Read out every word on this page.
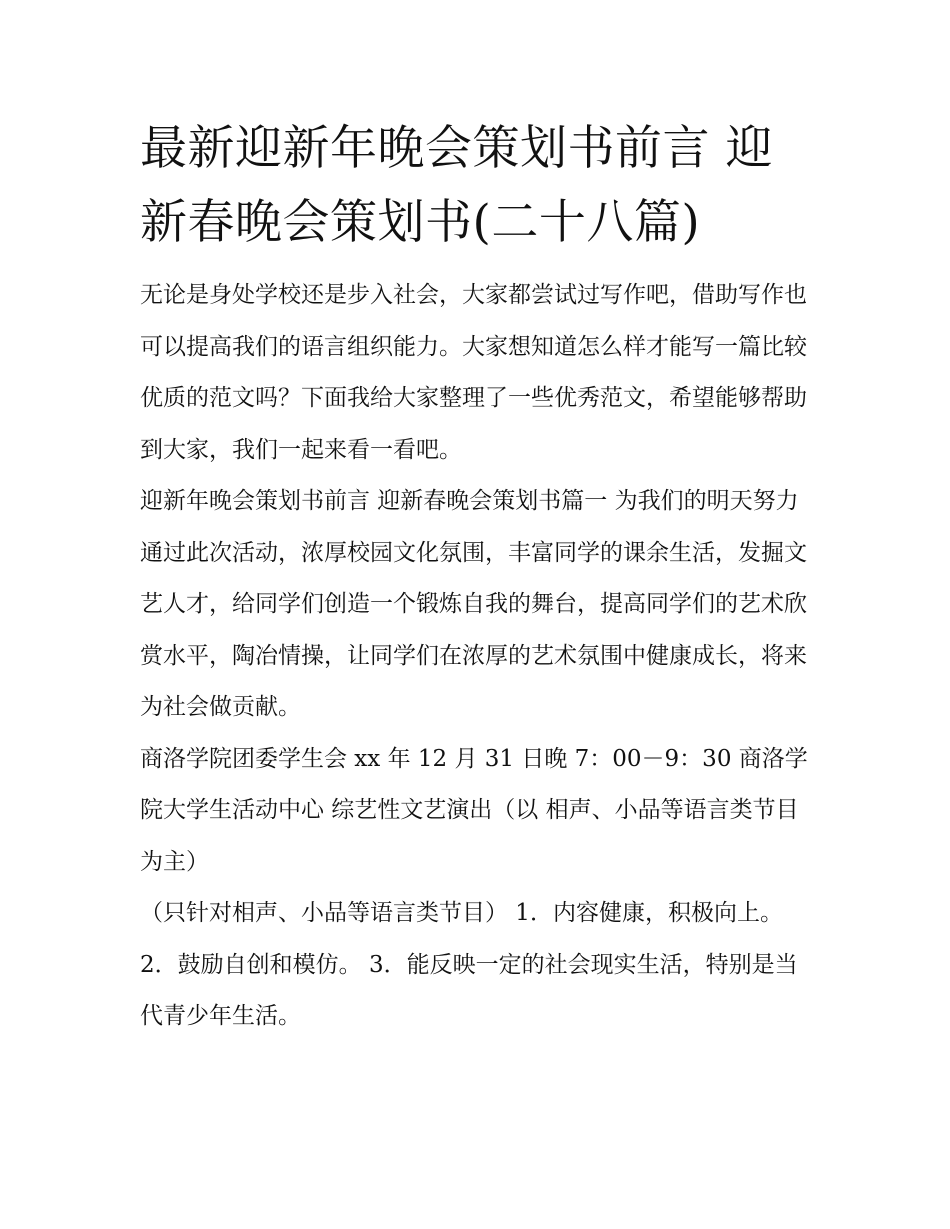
最新迎新年晚会策划书前言 迎新春晚会策划书(二十八篇)

无论是身处学校还是步入社会，大家都尝试过写作吧，借助写作也可以提高我们的语言组织能力。大家想知道怎么样才能写一篇比较优质的范文吗？下面我给大家整理了一些优秀范文，希望能够帮助到大家，我们一起来看一看吧。

迎新年晚会策划书前言 迎新春晚会策划书篇一 为我们的明天努力

通过此次活动，浓厚校园文化氛围，丰富同学的课余生活，发掘文艺人才，给同学们创造一个锻炼自我的舞台，提高同学们的艺术欣赏水平，陶冶情操，让同学们在浓厚的艺术氛围中健康成长，将来为社会做贡献。

商洛学院团委学生会 xx 年 12 月 31 日晚 7：00－9：30 商洛学院大学生活动中心 综艺性文艺演出（以 相声、小品等语言类节目为主）

（只针对相声、小品等语言类节目） 1．内容健康，积极向上。 2．鼓励自创和模仿。 3．能反映一定的社会现实生活，特别是当代青少年生活。
